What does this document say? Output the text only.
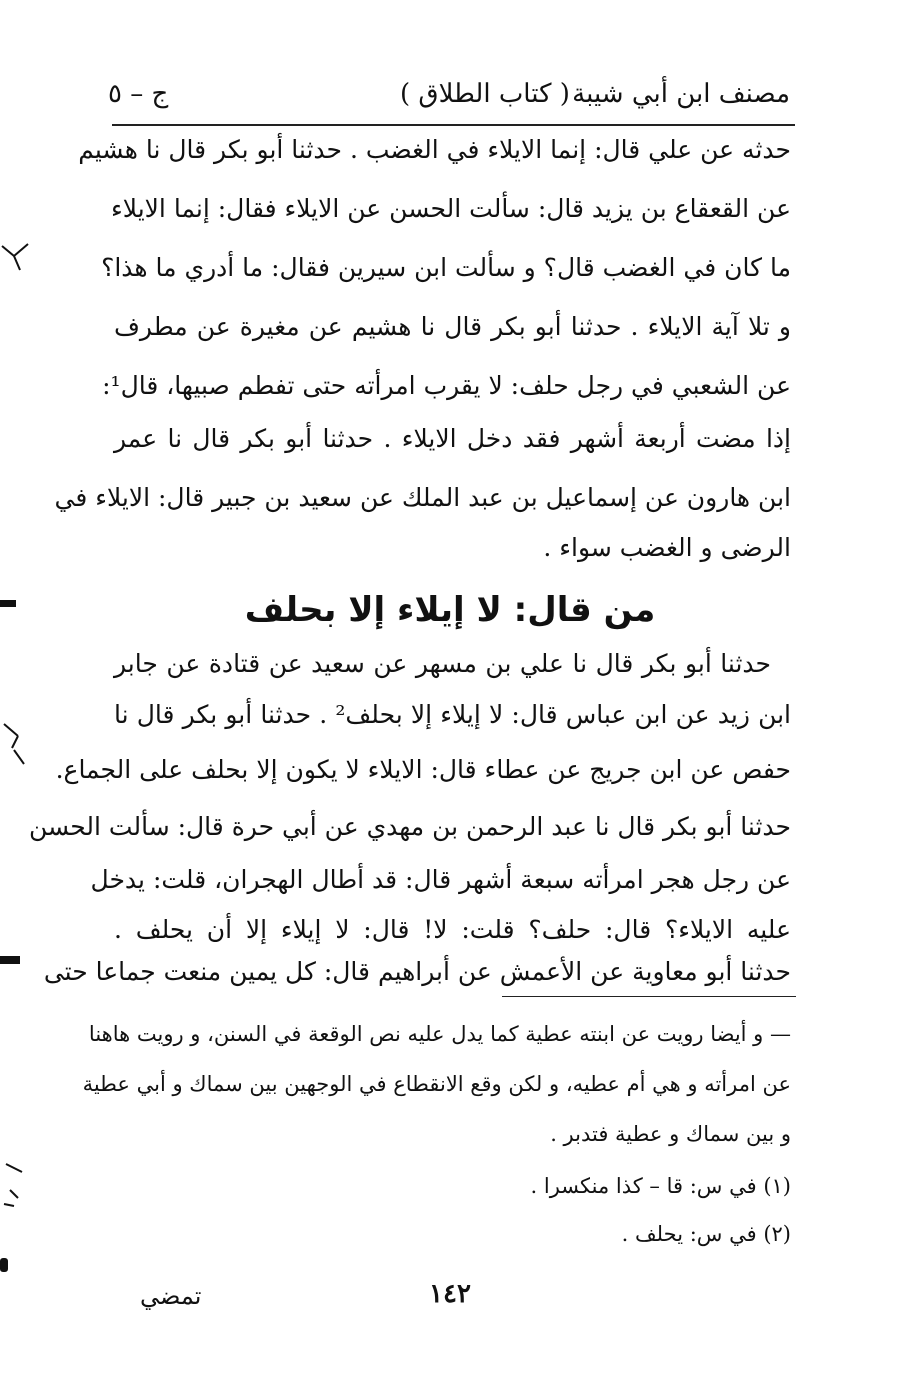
مصنف ابن أبي شيبة
( كتاب الطلاق )
ج – ٥
حدثه عن علي قال: إنما الايلاء في الغضب . حدثنا أبو بكر قال نا هشيم
عن القعقاع بن يزيد قال: سألت الحسن عن الايلاء فقال: إنما الايلاء
ما كان في الغضب قال؟ و سألت ابن سيرين فقال: ما أدري ما هذا؟
و تلا آية الايلاء . حدثنا أبو بكر قال نا هشيم عن مغيرة عن مطرف
عن الشعبي في رجل حلف: لا يقرب امرأته حتى تفطم صبيها، قال¹:
إذا مضت أربعة أشهر فقد دخل الايلاء . حدثنا أبو بكر قال نا عمر
ابن هارون عن إسماعيل بن عبد الملك عن سعيد بن جبير قال: الايلاء في
الرضى و الغضب سواء .
من قال: لا إيلاء إلا بحلف
حدثنا أبو بكر قال نا علي بن مسهر عن سعيد عن قتادة عن جابر
ابن زيد عن ابن عباس قال: لا إيلاء إلا بحلف² . حدثنا أبو بكر قال نا
حفص عن ابن جريج عن عطاء قال: الايلاء لا يكون إلا بحلف على الجماع.
حدثنا أبو بكر قال نا عبد الرحمن بن مهدي عن أبي حرة قال: سألت الحسن
عن رجل هجر امرأته سبعة أشهر قال: قد أطال الهجران، قلت: يدخل
عليه الايلاء؟ قال: حلف؟ قلت: لا! قال: لا إيلاء إلا أن يحلف .
حدثنا أبو معاوية عن الأعمش عن أبراهيم قال: كل يمين منعت جماعا حتى
— و أيضا رويت عن ابنته عطية كما يدل عليه نص الوقعة في السنن، و رويت هاهنا
عن امرأته و هي أم عطيه، و لكن وقع الانقطاع في الوجهين بين سماك و أبي عطية
و بين سماك و عطية فتدبر .
(١) في س: قا – كذا منكسرا .
(٢) في س: يحلف .
تمضي	١٤٢
